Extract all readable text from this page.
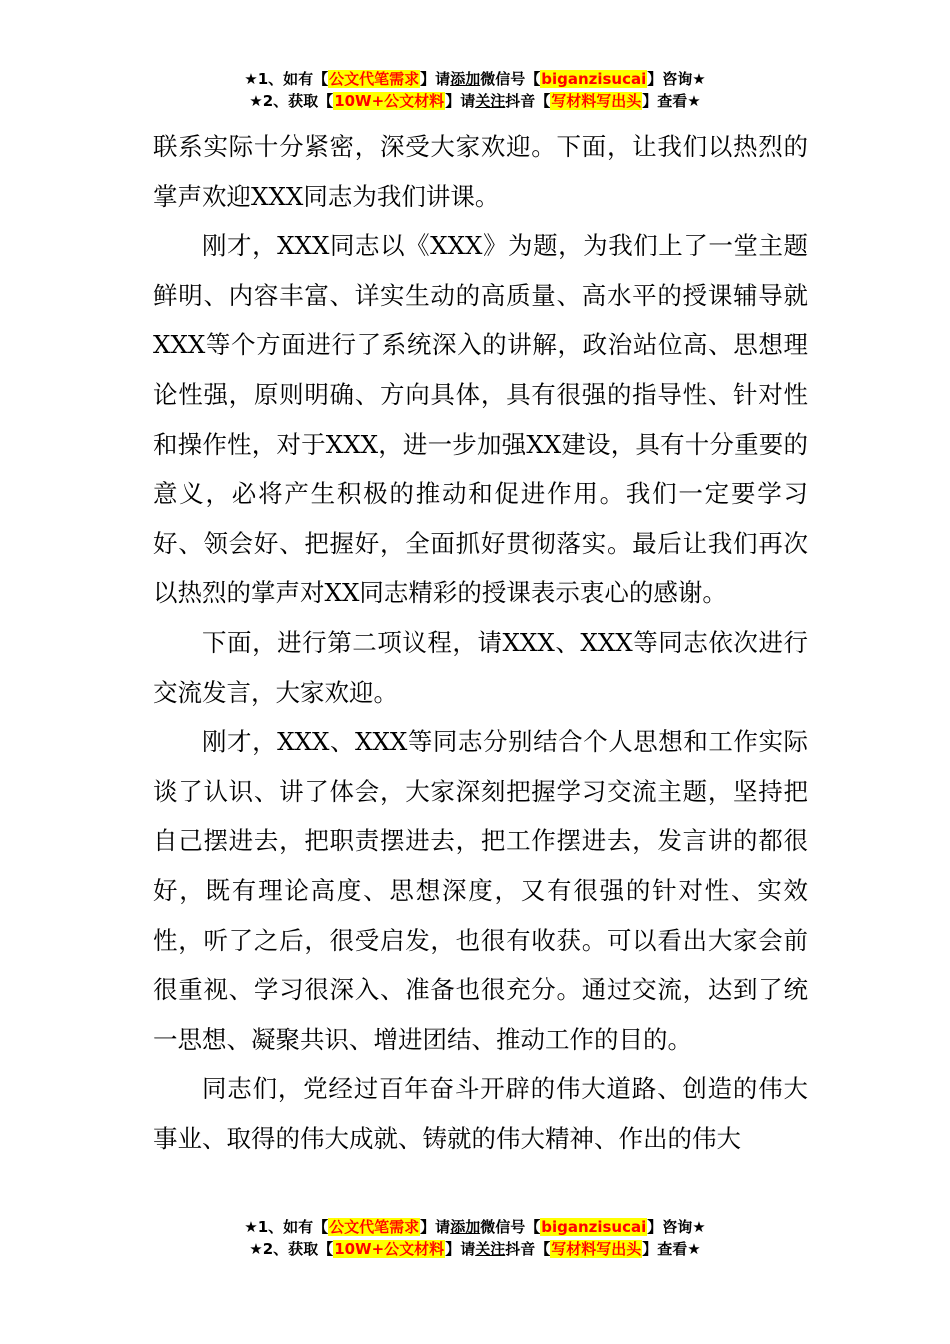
★1、如有【公文代笔需求】请添加微信号【biganzisucai】咨询★
★2、获取【10W+公文材料】请关注抖音【写材料写出头】查看★

联系实际十分紧密，深受大家欢迎。下面，让我们以热烈的掌声欢迎XXX同志为我们讲课。

刚才，XXX同志以《XXX》为题，为我们上了一堂主题鲜明、内容丰富、详实生动的高质量、高水平的授课辅导就XXX等个方面进行了系统深入的讲解，政治站位高、思想理论性强，原则明确、方向具体，具有很强的指导性、针对性和操作性，对于XXX，进一步加强XX建设，具有十分重要的意义，必将产生积极的推动和促进作用。我们一定要学习好、领会好、把握好，全面抓好贯彻落实。最后让我们再次以热烈的掌声对XX同志精彩的授课表示衷心的感谢。

下面，进行第二项议程，请XXX、XXX等同志依次进行交流发言，大家欢迎。

刚才，XXX、XXX等同志分别结合个人思想和工作实际谈了认识、讲了体会，大家深刻把握学习交流主题，坚持把自己摆进去，把职责摆进去，把工作摆进去，发言讲的都很好，既有理论高度、思想深度，又有很强的针对性、实效性，听了之后，很受启发，也很有收获。可以看出大家会前很重视、学习很深入、准备也很充分。通过交流，达到了统一思想、凝聚共识、增进团结、推动工作的目的。

同志们，党经过百年奋斗开辟的伟大道路、创造的伟大事业、取得的伟大成就、铸就的伟大精神、作出的伟大

★1、如有【公文代笔需求】请添加微信号【biganzisucai】咨询★
★2、获取【10W+公文材料】请关注抖音【写材料写出头】查看★
